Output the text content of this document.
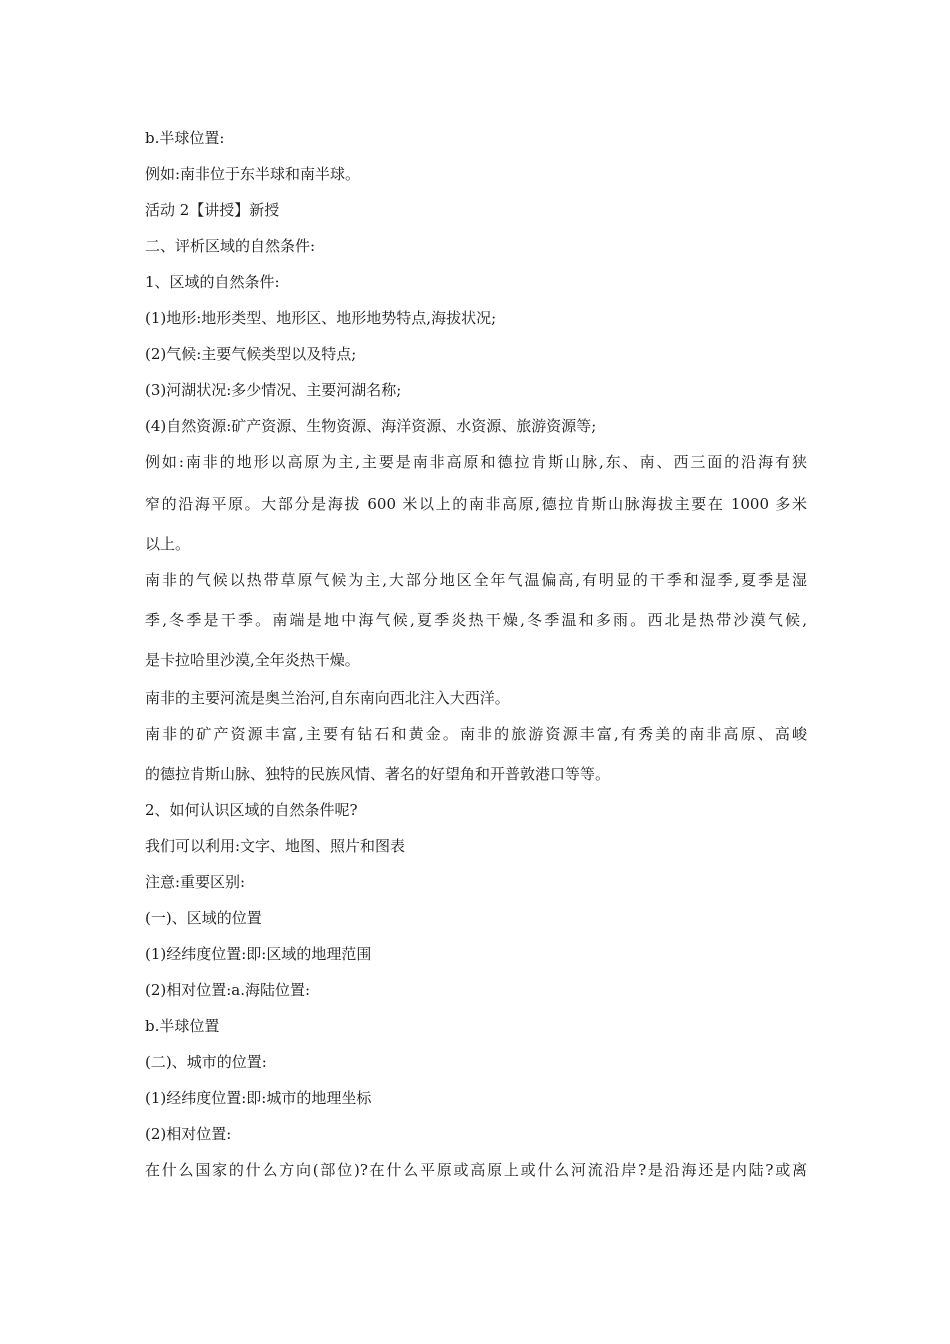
b.半球位置:
例如:南非位于东半球和南半球。
活动 2【讲授】新授
二、评析区域的自然条件:
1、区域的自然条件:
(1)地形:地形类型、地形区、地形地势特点,海拔状况;
(2)气候:主要气候类型以及特点;
(3)河湖状况:多少情况、主要河湖名称;
(4)自然资源:矿产资源、生物资源、海洋资源、水资源、旅游资源等;
例如:南非的地形以高原为主,主要是南非高原和德拉肯斯山脉,东、南、西三面的沿海有狭
窄的沿海平原。大部分是海拔 600 米以上的南非高原,德拉肯斯山脉海拔主要在 1000 多米
以上。
南非的气候以热带草原气候为主,大部分地区全年气温偏高,有明显的干季和湿季,夏季是湿
季,冬季是干季。南端是地中海气候,夏季炎热干燥,冬季温和多雨。西北是热带沙漠气候,
是卡拉哈里沙漠,全年炎热干燥。
南非的主要河流是奥兰治河,自东南向西北注入大西洋。
南非的矿产资源丰富,主要有钻石和黄金。南非的旅游资源丰富,有秀美的南非高原、高峻
的德拉肯斯山脉、独特的民族风情、著名的好望角和开普敦港口等等。
2、如何认识区域的自然条件呢?
我们可以利用:文字、地图、照片和图表
注意:重要区别:
(一)、区域的位置
(1)经纬度位置:即:区域的地理范围
(2)相对位置:a.海陆位置:
b.半球位置
(二)、城市的位置:
(1)经纬度位置:即:城市的地理坐标
(2)相对位置:
在什么国家的什么方向(部位)?在什么平原或高原上或什么河流沿岸?是沿海还是内陆?或离
